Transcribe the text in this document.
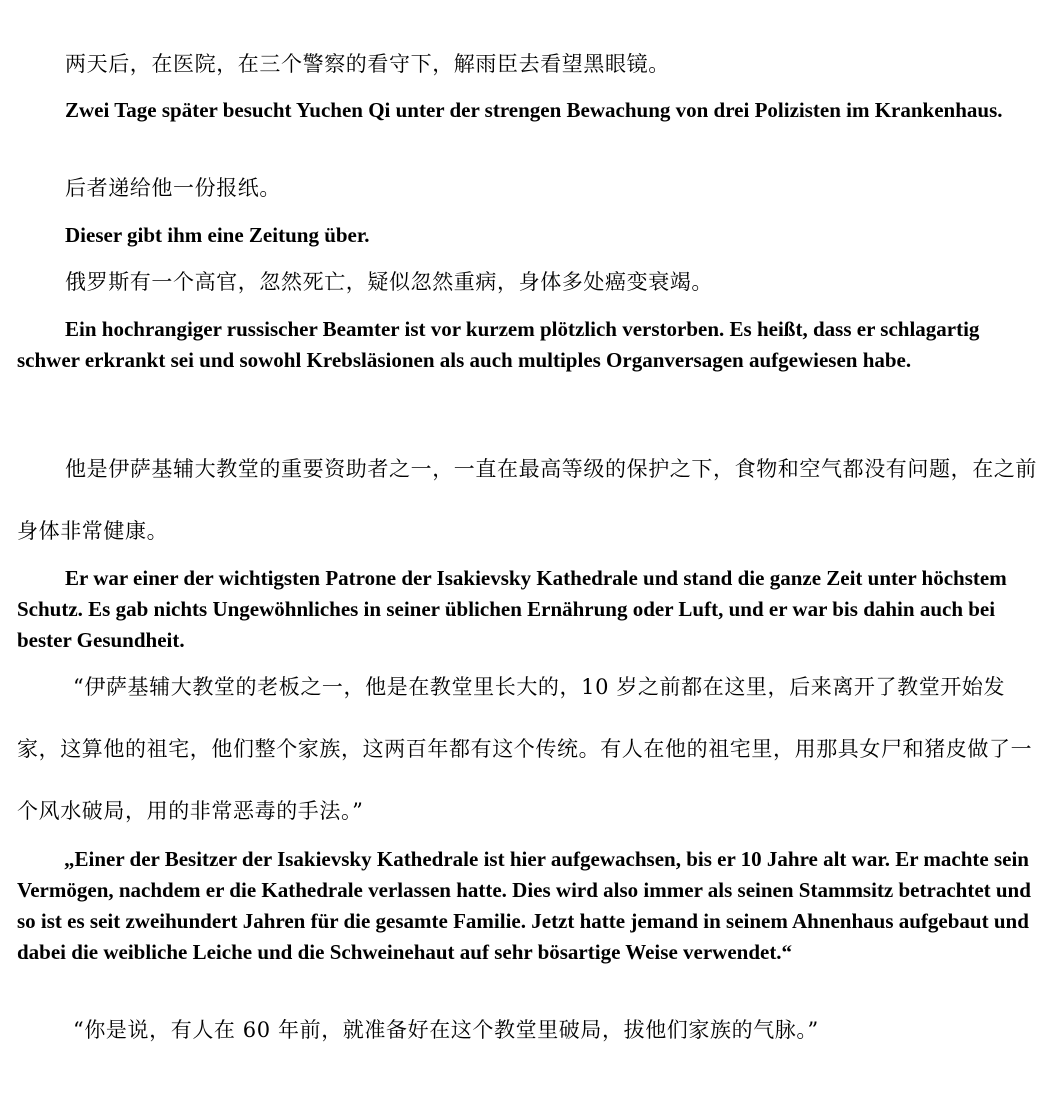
两天后，在医院，在三个警察的看守下，解雨臣去看望黑眼镜。

Zwei Tage später besucht Yuchen Qi unter der strengen Bewachung von drei Polizisten im Krankenhaus.

后者递给他一份报纸。

Dieser gibt ihm eine Zeitung über.

俄罗斯有一个高官，忽然死亡，疑似忽然重病，身体多处癌变衰竭。

Ein hochrangiger russischer Beamter ist vor kurzem plötzlich verstorben. Es heißt, dass er schlagartig schwer erkrankt sei und sowohl Krebsläsionen als auch multiples Organversagen aufgewiesen habe.

他是伊萨基辅大教堂的重要资助者之一，一直在最高等级的保护之下，食物和空气都没有问题，在之前身体非常健康。

Er war einer der wichtigsten Patrone der Isakievsky Kathedrale und stand die ganze Zeit unter höchstem Schutz. Es gab nichts Ungewöhnliches in seiner üblichen Ernährung oder Luft, und er war bis dahin auch bei bester Gesundheit.

“伊萨基辅大教堂的老板之一，他是在教堂里长大的，10 岁之前都在这里，后来离开了教堂开始发家，这算他的祖宅，他们整个家族，这两百年都有这个传统。有人在他的祖宅里，用那具女尸和猪皮做了一个风水破局，用的非常恶毒的手法。”

„Einer der Besitzer der Isakievsky Kathedrale ist hier aufgewachsen, bis er 10 Jahre alt war. Er machte sein Vermögen, nachdem er die Kathedrale verlassen hatte. Dies wird also immer als seinen Stammsitz betrachtet und so ist es seit zweihundert Jahren für die gesamte Familie. Jetzt hatte jemand in seinem Ahnenhaus aufgebaut und dabei die weibliche Leiche und die Schweinehaut auf sehr bösartige Weise verwendet.“

“你是说，有人在 60 年前，就准备好在这个教堂里破局，拔他们家族的气脉。”
